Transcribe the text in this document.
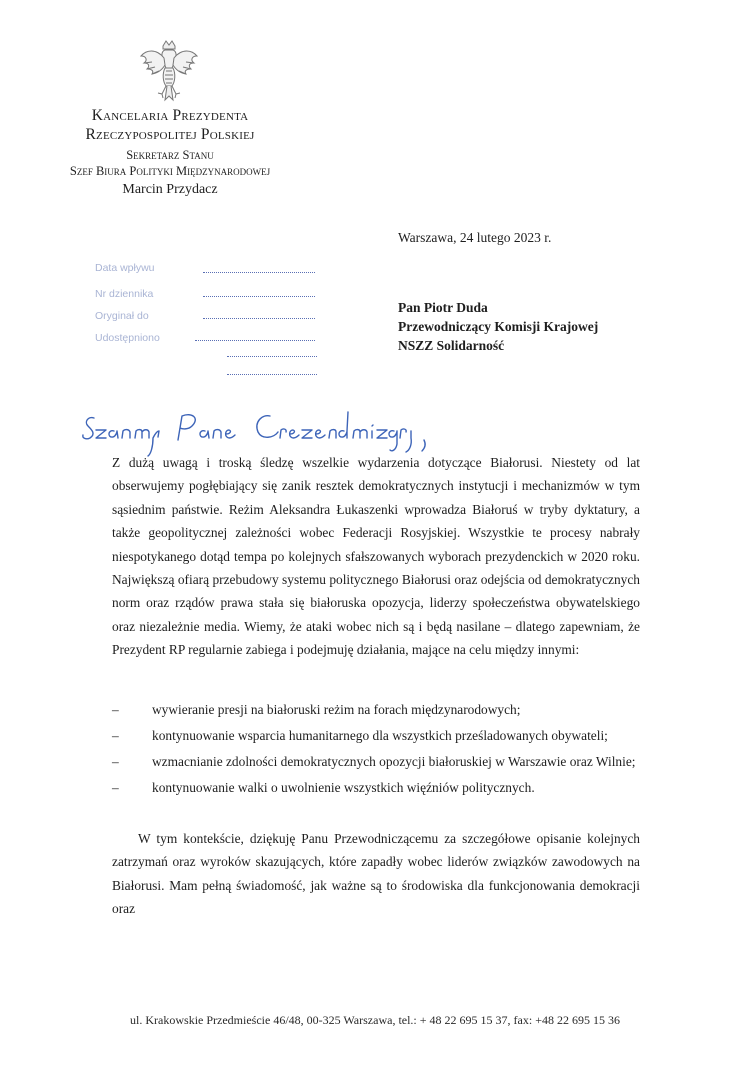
Kancelaria Prezydenta
Rzeczypospolitej Polskiej
Sekretarz Stanu
Szef Biura Polityki Międzynarodowej
Marcin Przydacz
Warszawa, 24 lutego 2023 r.
Data wpływu
Nr dziennika
Oryginał do
Udostępniono
Pan Piotr Duda
Przewodniczący Komisji Krajowej
NSZZ Solidarność
Z dużą uwagą i troską śledzę wszelkie wydarzenia dotyczące Białorusi. Niestety od lat obserwujemy pogłębiający się zanik resztek demokratycznych instytucji i mechanizmów w tym sąsiednim państwie. Reżim Aleksandra Łukaszenki wprowadza Białoruś w tryby dyktatury, a także geopolitycznej zależności wobec Federacji Rosyjskiej. Wszystkie te procesy nabrały niespotykanego dotąd tempa po kolejnych sfałszowanych wyborach prezydenckich w 2020 roku. Największą ofiarą przebudowy systemu politycznego Białorusi oraz odejścia od demokratycznych norm oraz rządów prawa stała się białoruska opozycja, liderzy społeczeństwa obywatelskiego oraz niezależnie media. Wiemy, że ataki wobec nich są i będą nasilane – dlatego zapewniam, że Prezydent RP regularnie zabiega i podejmuję działania, mające na celu między innymi:
– wywieranie presji na białoruski reżim na forach międzynarodowych;
– kontynuowanie wsparcia humanitarnego dla wszystkich prześladowanych obywateli;
– wzmacnianie zdolności demokratycznych opozycji białoruskiej w Warszawie oraz Wilnie;
– kontynuowanie walki o uwolnienie wszystkich więźniów politycznych.
W tym kontekście, dziękuję Panu Przewodniczącemu za szczegółowe opisanie kolejnych zatrzymań oraz wyroków skazujących, które zapadły wobec liderów związków zawodowych na Białorusi. Mam pełną świadomość, jak ważne są to środowiska dla funkcjonowania demokracji oraz
ul. Krakowskie Przedmieście 46/48, 00-325 Warszawa, tel.: + 48 22 695 15 37, fax: +48 22 695 15 36
